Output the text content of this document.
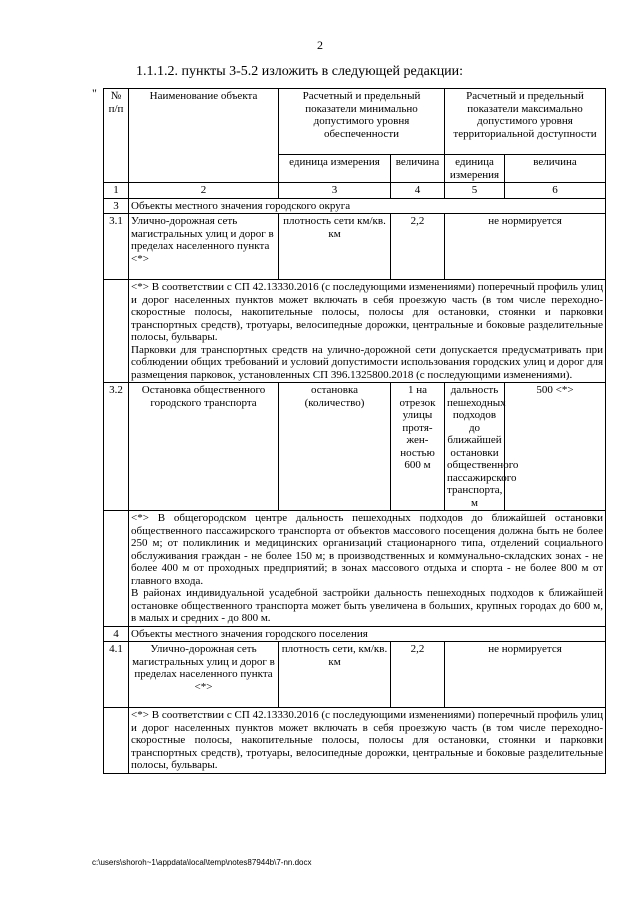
2
1.1.1.2. пункты 3-5.2 изложить в следующей редакции:
" № п/п	Наименование объекта	Расчетный и предельный показатели минимально допустимого уровня обеспеченности		Расчетный и предельный показатели максимально допустимого уровня территориальной доступности	
		единица измерения	величина	единица измерения	величина
1	2	3	4	5	6
3	Объекты местного значения городского округа				
3.1	Улично-дорожная сеть магистральных улиц и дорог в пределах населенного пункта <*>	плотность сети км/кв. км	2,2	не нормируется	

	<*> В соответствии с СП 42.13330.2016 (с последующими изменениями) поперечный профиль улиц и дорог населенных пунктов может включать в себя проезжую часть (в том числе переходно-скоростные полосы, накопительные полосы, полосы для остановки, стоянки и парковки транспортных средств), тротуары, велосипедные дорожки, центральные и боковые разделительные полосы, бульвары.

Парковки для транспортных средств на улично-дорожной сети допускается предусматривать при соблюдении общих требований и условий допустимости использования городских улиц и дорог для размещения парковок, установленных СП 396.1325800.2018 (с последующими изменениями).				

3.2	Остановка общественного городского транспорта	остановка (количество)	1 на отрезок улицы протя-жен-ностью 600 м	дальность пешеходных подходов до ближайшей остановки общественного пассажирского транспорта, м	500 <*>

	<*> В общегородском центре дальность пешеходных подходов до ближайшей остановки общественного пассажирского транспорта от объектов массового посещения должна быть не более 250 м; от поликлиник и медицинских организаций стационарного типа, отделений социального обслуживания граждан - не более 150 м; в производственных и коммунально-складских зонах - не более 400 м от проходных предприятий; в зонах массового отдыха и спорта - не более 800 м от главного входа.

В районах индивидуальной усадебной застройки дальность пешеходных подходов к ближайшей остановке общественного транспорта может быть увеличена в больших, крупных городах до 600 м, в малых и средних - до 800 м.				

4	Объекты местного значения городского поселения				
4.1	Улично-дорожная сеть магистральных улиц и дорог в пределах населенного пункта <*>	плотность сети, км/кв. км	2,2	не нормируется	

	<*> В соответствии с СП 42.13330.2016 (с последующими изменениями) поперечный профиль улиц и дорог населенных пунктов может включать в себя проезжую часть (в том числе переходно-скоростные полосы, накопительные полосы, полосы для остановки, стоянки и парковки транспортных средств), тротуары, велосипедные дорожки, центральные и боковые разделительные полосы, бульвары.				

c:\users\shoroh~1\appdata\local\temp\notes87944b\7-nn.docx
